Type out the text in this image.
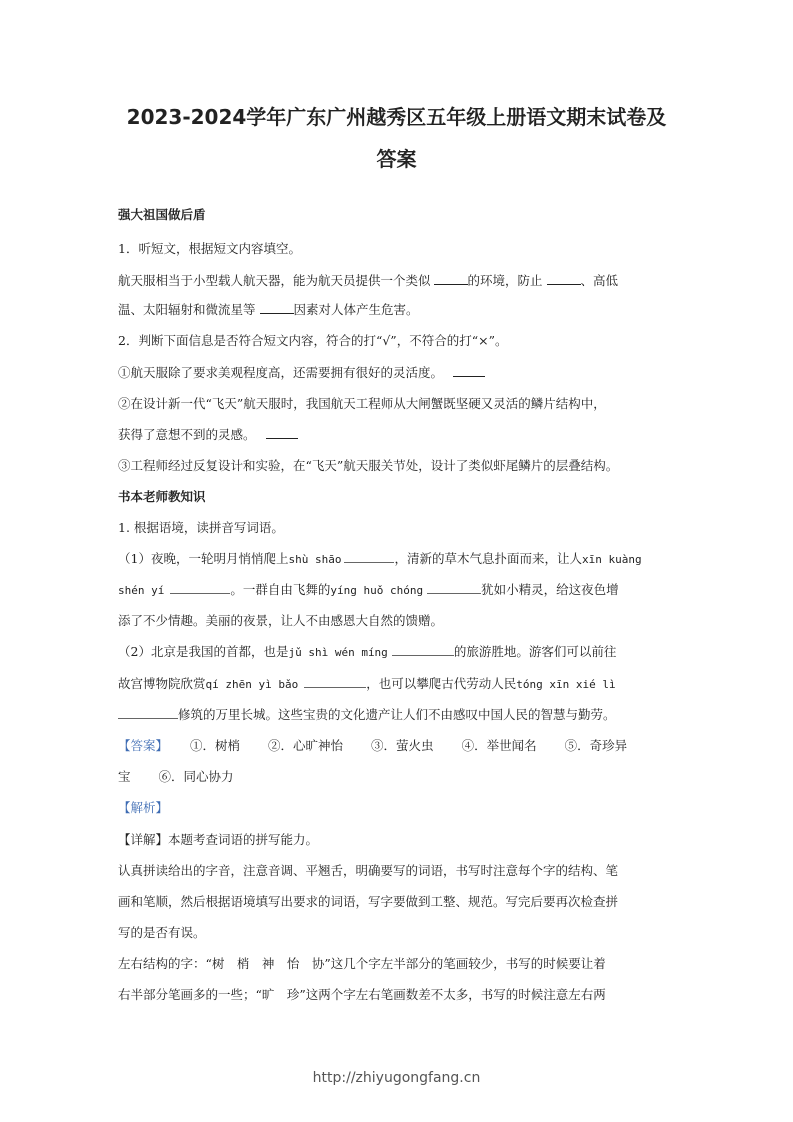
2023-2024学年广东广州越秀区五年级上册语文期末试卷及
答案

强大祖国做后盾

1．听短文，根据短文内容填空。

航天服相当于小型载人航天器，能为航天员提供一个类似	的环境，防止	、高低

温、太阳辐射和微流星等	因素对人体产生危害。

2．判断下面信息是否符合短文内容，符合的打“√”，不符合的打“×”。

①航天服除了要求美观程度高，还需要拥有很好的灵活度。

②在设计新一代“飞天”航天服时，我国航天工程师从大闸蟹既坚硬又灵活的鳞片结构中，

获得了意想不到的灵感。

③工程师经过反复设计和实验，在“飞天”航天服关节处，设计了类似虾尾鳞片的层叠结构。

书本老师教知识

1. 根据语境，读拼音写词语。

（1）夜晚，一轮明月悄悄爬上shù shāo	，清新的草木气息扑面而来，让人xīn kuàng

shén yí	。一群自由飞舞的yíng huǒ chóng	犹如小精灵，给这夜色增

添了不少情趣。美丽的夜景，让人不由感恩大自然的馈赠。

（2）北京是我国的首都，也是jǔ shì wén míng	的旅游胜地。游客们可以前往

故宫博物院欣赏qí zhēn yì bǎo	，也可以攀爬古代劳动人民tóng xīn xié lì

修筑的万里长城。这些宝贵的文化遗产让人们不由感叹中国人民的智慧与勤劳。

【答案】 ①．树梢 ②．心旷神怡 ③．萤火虫 ④．举世闻名 ⑤．奇珍异

宝 ⑥．同心协力

【解析】

【详解】本题考查词语的拼写能力。

认真拼读给出的字音，注意音调、平翘舌，明确要写的词语，书写时注意每个字的结构、笔

画和笔顺，然后根据语境填写出要求的词语，写字要做到工整、规范。写完后要再次检查拼

写的是否有误。

左右结构的字：“树　梢　神　怡　协”这几个字左半部分的笔画较少，书写的时候要让着

右半部分笔画多的一些；“旷　珍”这两个字左右笔画数差不太多，书写的时候注意左右两

http://zhiyugongfang.cn
